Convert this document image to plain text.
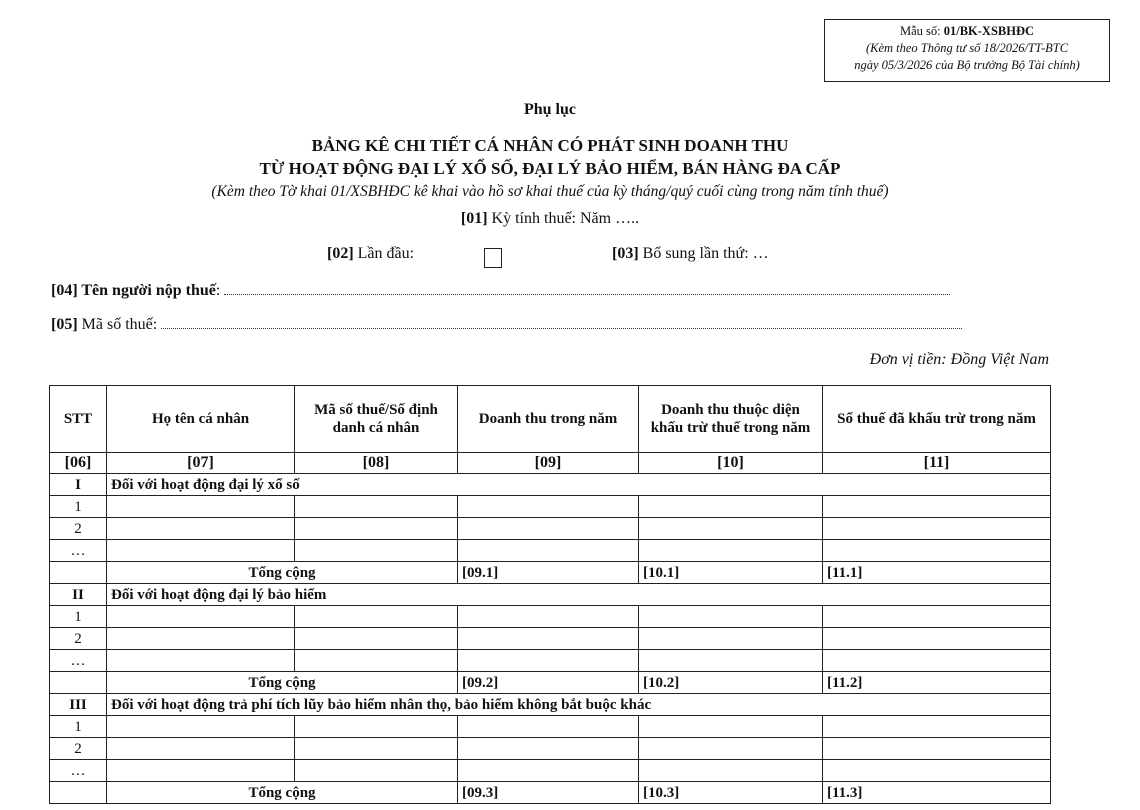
Mẫu số: 01/BK-XSBHĐC
(Kèm theo Thông tư số 18/2026/TT-BTC
ngày 05/3/2026 của Bộ trưởng Bộ Tài chính)
Phụ lục
BẢNG KÊ CHI TIẾT CÁ NHÂN CÓ PHÁT SINH DOANH THU
TỪ HOẠT ĐỘNG ĐẠI LÝ XỔ SỐ, ĐẠI LÝ BẢO HIỂM, BÁN HÀNG ĐA CẤP
(Kèm theo Tờ khai 01/XSBHĐC kê khai vào hồ sơ khai thuế của kỳ tháng/quý cuối cùng trong năm tính thuế)
[01] Kỳ tính thuế: Năm …..
[02] Lần đầu:	[03] Bổ sung lần thứ: …
[04] Tên người nộp thuế:
[05] Mã số thuế:
Đơn vị tiền: Đồng Việt Nam
STT	Họ tên cá nhân	Mã số thuế/Số định danh cá nhân	Doanh thu trong năm	Doanh thu thuộc diện khấu trừ thuế trong năm	Số thuế đã khấu trừ trong năm
[06]	[07]	[08]	[09]	[10]	[11]
I	Đối với hoạt động đại lý xổ số				
1					
2					
…					
	Tổng cộng		[09.1]	[10.1]	[11.1]
II	Đối với hoạt động đại lý bảo hiểm				
1					
2					
…					
	Tổng cộng		[09.2]	[10.2]	[11.2]
III	Đối với hoạt động trả phí tích lũy bảo hiểm nhân thọ, bảo hiểm không bắt buộc khác				
1					
2					
…					
	Tổng cộng		[09.3]	[10.3]	[11.3]
